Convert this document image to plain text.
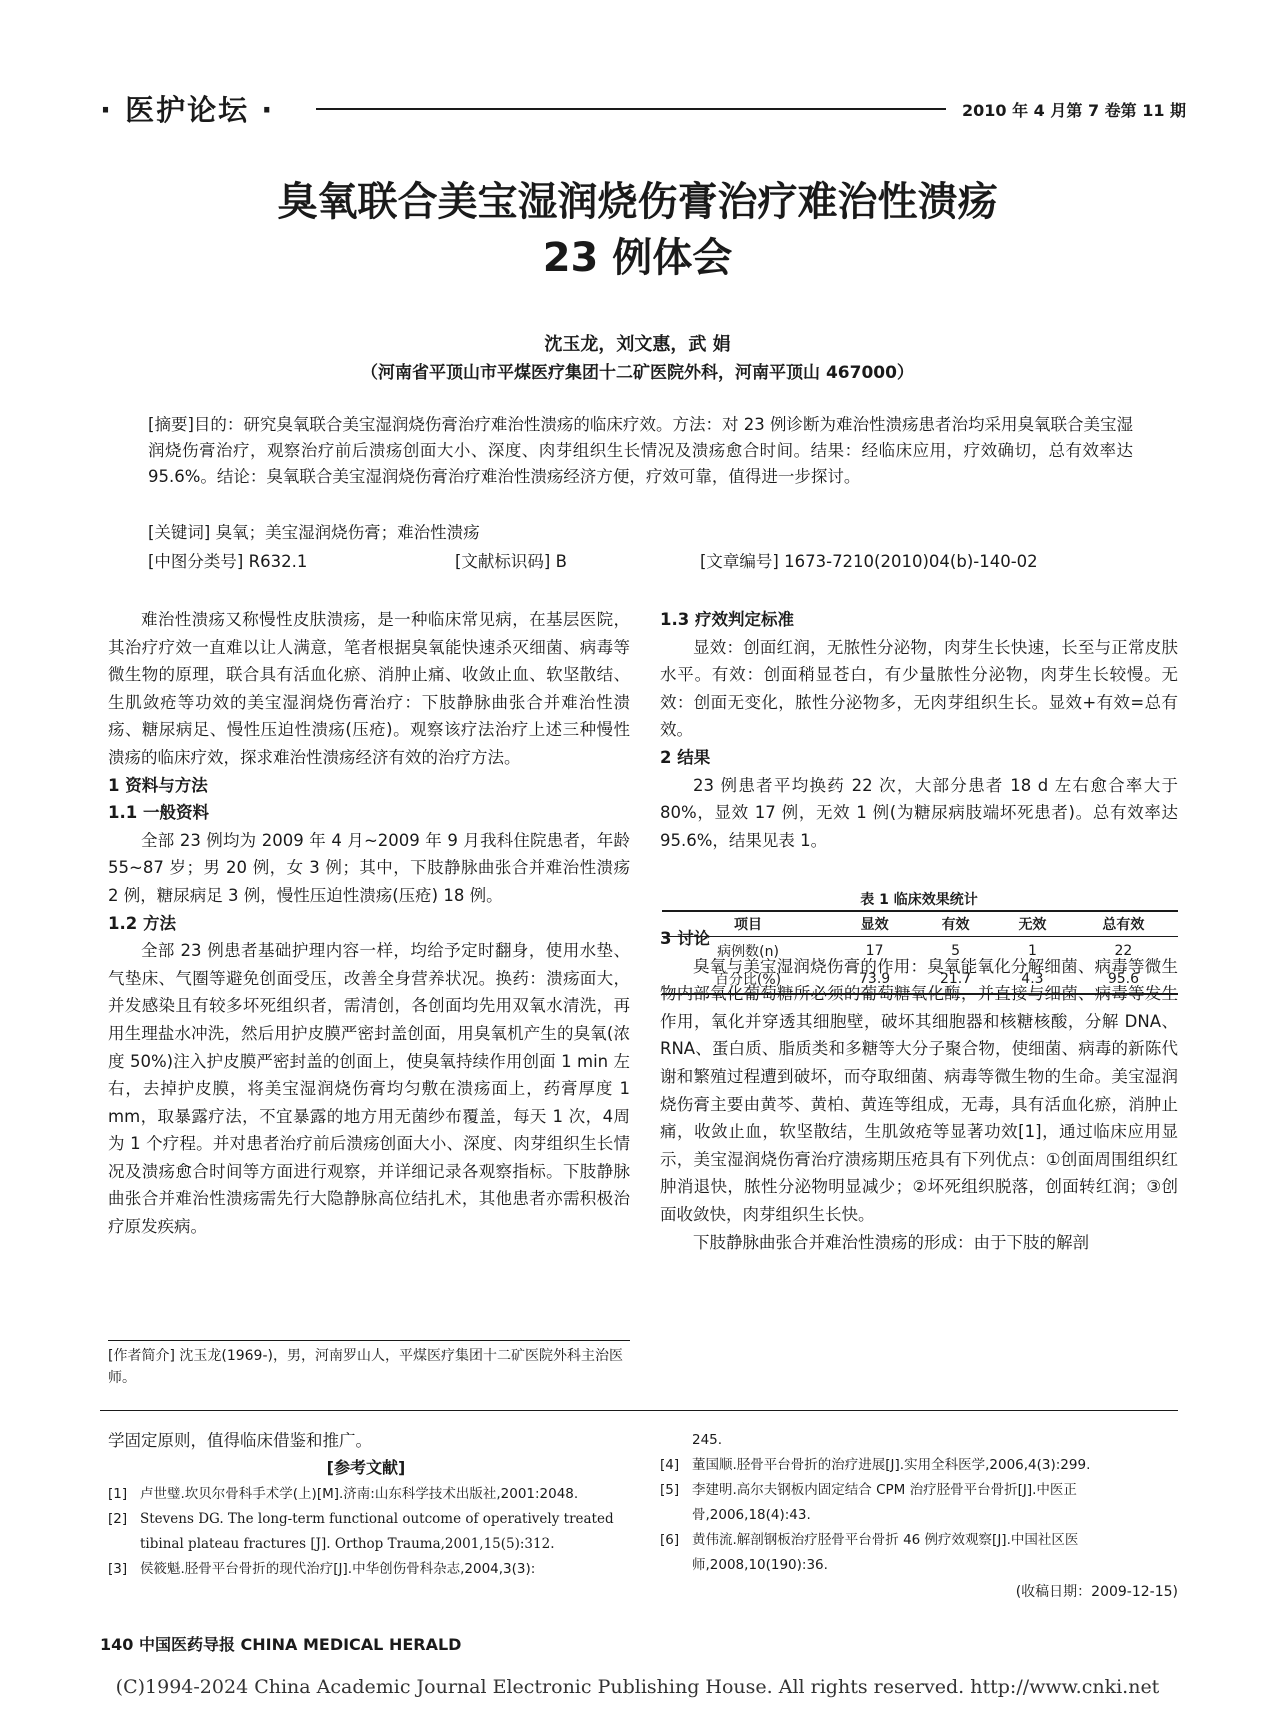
· 医护论坛 ·	2010 年 4 月第 7 卷第 11 期
臭氧联合美宝湿润烧伤膏治疗难治性溃疡
23 例体会
沈玉龙，刘文惠，武 娟
（河南省平顶山市平煤医疗集团十二矿医院外科，河南平顶山 467000）
[摘要]目的：研究臭氧联合美宝湿润烧伤膏治疗难治性溃疡的临床疗效。方法：对 23 例诊断为难治性溃疡患者治均采用臭氧联合美宝湿润烧伤膏治疗，观察治疗前后溃疡创面大小、深度、肉芽组织生长情况及溃疡愈合时间。结果：经临床应用，疗效确切，总有效率达 95.6%。结论：臭氧联合美宝湿润烧伤膏治疗难治性溃疡经济方便，疗效可靠，值得进一步探讨。
[关键词] 臭氧；美宝湿润烧伤膏；难治性溃疡
[中图分类号] R632.1	[文献标识码] B	[文章编号] 1673-7210(2010)04(b)-140-02

难治性溃疡又称慢性皮肤溃疡，是一种临床常见病，在基层医院，其治疗疗效一直难以让人满意，笔者根据臭氧能快速杀灭细菌、病毒等微生物的原理，联合具有活血化瘀、消肿止痛、收敛止血、软坚散结、生肌敛疮等功效的美宝湿润烧伤膏治疗：下肢静脉曲张合并难治性溃疡、糖尿病足、慢性压迫性溃疡(压疮)。观察该疗法治疗上述三种慢性溃疡的临床疗效，探求难治性溃疡经济有效的治疗方法。

1 资料与方法

1.1 一般资料

全部 23 例均为 2009 年 4 月~2009 年 9 月我科住院患者，年龄 55~87 岁；男 20 例，女 3 例；其中，下肢静脉曲张合并难治性溃疡 2 例，糖尿病足 3 例，慢性压迫性溃疡(压疮) 18 例。

1.2 方法

全部 23 例患者基础护理内容一样，均给予定时翻身，使用水垫、气垫床、气圈等避免创面受压，改善全身营养状况。换药：溃疡面大，并发感染且有较多坏死组织者，需清创，各创面均先用双氧水清洗，再用生理盐水冲洗，然后用护皮膜严密封盖创面，用臭氧机产生的臭氧(浓度 50%)注入护皮膜严密封盖的创面上，使臭氧持续作用创面 1 min 左右，去掉护皮膜，将美宝湿润烧伤膏均匀敷在溃疡面上，药膏厚度 1 mm，取暴露疗法，不宜暴露的地方用无菌纱布覆盖，每天 1 次，4周为 1 个疗程。并对患者治疗前后溃疡创面大小、深度、肉芽组织生长情况及溃疡愈合时间等方面进行观察，并详细记录各观察指标。下肢静脉曲张合并难治性溃疡需先行大隐静脉高位结扎术，其他患者亦需积极治疗原发疾病。

[作者简介] 沈玉龙(1969-)，男，河南罗山人，平煤医疗集团十二矿医院外科主治医师。

1.3 疗效判定标准

显效：创面红润，无脓性分泌物，肉芽生长快速，长至与正常皮肤水平。有效：创面稍显苍白，有少量脓性分泌物，肉芽生长较慢。无效：创面无变化，脓性分泌物多，无肉芽组织生长。显效+有效=总有效。

2 结果

23 例患者平均换药 22 次，大部分患者 18 d 左右愈合率大于 80%，显效 17 例，无效 1 例(为糖尿病肢端坏死患者)。总有效率达 95.6%，结果见表 1。

表 1 临床效果统计
项目	显效	有效	无效	总有效
病例数(n)	17	5	1	22
百分比(%)	73.9	21.7	4.3	95.6

3 讨论

臭氧与美宝湿润烧伤膏的作用：臭氧能氧化分解细菌、病毒等微生物内部氧化葡萄糖所必须的葡萄糖氧化酶，并直接与细菌、病毒等发生作用，氧化并穿透其细胞壁，破坏其细胞器和核糖核酸，分解 DNA、RNA、蛋白质、脂质类和多糖等大分子聚合物，使细菌、病毒的新陈代谢和繁殖过程遭到破坏，而夺取细菌、病毒等微生物的生命。美宝湿润烧伤膏主要由黄芩、黄柏、黄连等组成，无毒，具有活血化瘀，消肿止痛，收敛止血，软坚散结，生肌敛疮等显著功效[1]，通过临床应用显示，美宝湿润烧伤膏治疗溃疡期压疮具有下列优点：①创面周围组织红肿消退快，脓性分泌物明显减少；②坏死组织脱落，创面转红润；③创面收敛快，肉芽组织生长快。

下肢静脉曲张合并难治性溃疡的形成：由于下肢的解剖

学固定原则，值得临床借鉴和推广。
[参考文献]
[1] 卢世璧.坎贝尔骨科手术学(上)[M].济南:山东科学技术出版社,2001:2048.
[2] Stevens DG. The long-term functional outcome of operatively treated tibinal plateau fractures [J]. Orthop Trauma,2001,15(5):312.
[3] 侯筱魁.胫骨平台骨折的现代治疗[J].中华创伤骨科杂志,2004,3(3):
245.
[4] 董国顺.胫骨平台骨折的治疗进展[J].实用全科医学,2006,4(3):299.
[5] 李建明.高尔夫钢板内固定结合 CPM 治疗胫骨平台骨折[J].中医正骨,2006,18(4):43.
[6] 黄伟流.解剖钢板治疗胫骨平台骨折 46 例疗效观察[J].中国社区医师,2008,10(190):36.
(收稿日期：2009-12-15)
140 中国医药导报 CHINA MEDICAL HERALD
(C)1994-2024 China Academic Journal Electronic Publishing House. All rights reserved. http://www.cnki.net
